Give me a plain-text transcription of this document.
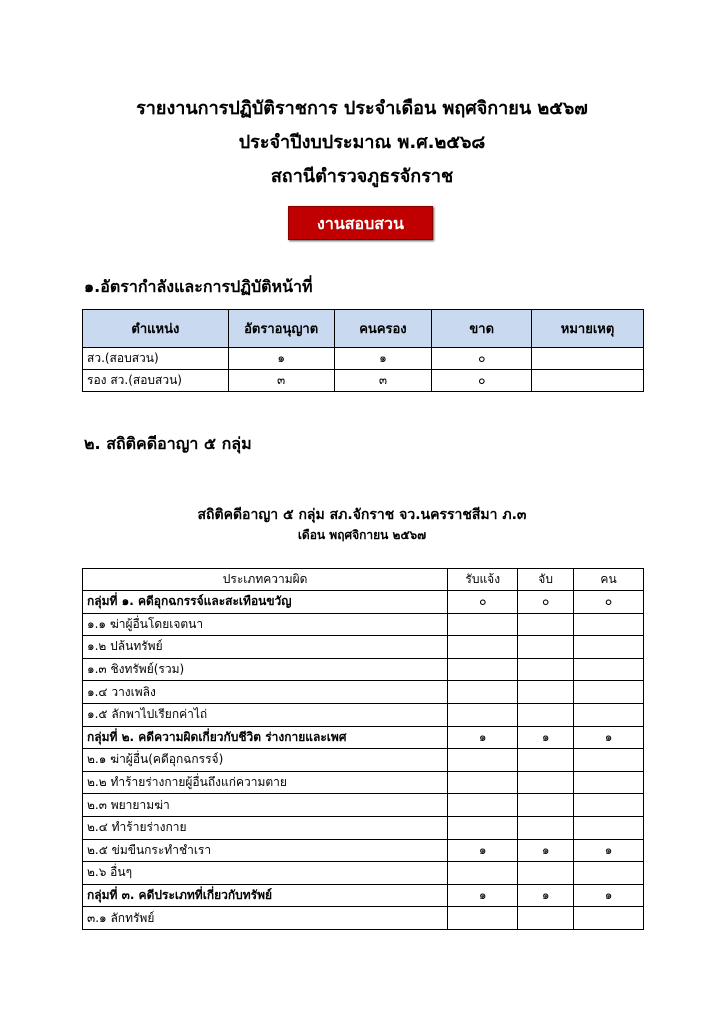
รายงานการปฏิบัติราชการ ประจำเดือน พฤศจิกายน ๒๕๖๗
ประจำปีงบประมาณ พ.ศ.๒๕๖๘
สถานีตำรวจภูธรจักราช
งานสอบสวน
๑.อัตรากำลังและการปฏิบัติหน้าที่
ตำแหน่ง	อัตราอนุญาต	คนครอง	ขาด	หมายเหตุ
สว.(สอบสวน)	๑	๑	๐	
รอง สว.(สอบสวน)	๓	๓	๐	
๒. สถิติคดีอาญา ๕ กลุ่ม
สถิติคดีอาญา ๕ กลุ่ม สภ.จักราช จว.นครราชสีมา ภ.๓
เดือน พฤศจิกายน ๒๕๖๗
ประเภทความผิด	รับแจ้ง	จับ	คน
กลุ่มที่ ๑. คดีอุกฉกรรจ์และสะเทือนขวัญ	๐	๐	๐
๑.๑ ฆ่าผู้อื่นโดยเจตนา			
๑.๒ ปล้นทรัพย์			
๑.๓ ชิงทรัพย์(รวม)			
๑.๔ วางเพลิง			
๑.๕ ลักพาไปเรียกค่าไถ่			
กลุ่มที่ ๒. คดีความผิดเกี่ยวกับชีวิต ร่างกายและเพศ	๑	๑	๑
๒.๑ ฆ่าผู้อื่น(คดีอุกฉกรรจ์)			
๒.๒ ทำร้ายร่างกายผู้อื่นถึงแก่ความตาย			
๒.๓ พยายามฆ่า			
๒.๔ ทำร้ายร่างกาย			
๒.๕ ข่มขืนกระทำชำเรา	๑	๑	๑
๒.๖ อื่นๆ			
กลุ่มที่ ๓. คดีประเภทที่เกี่ยวกับทรัพย์	๑	๑	๑
๓.๑ ลักทรัพย์			
